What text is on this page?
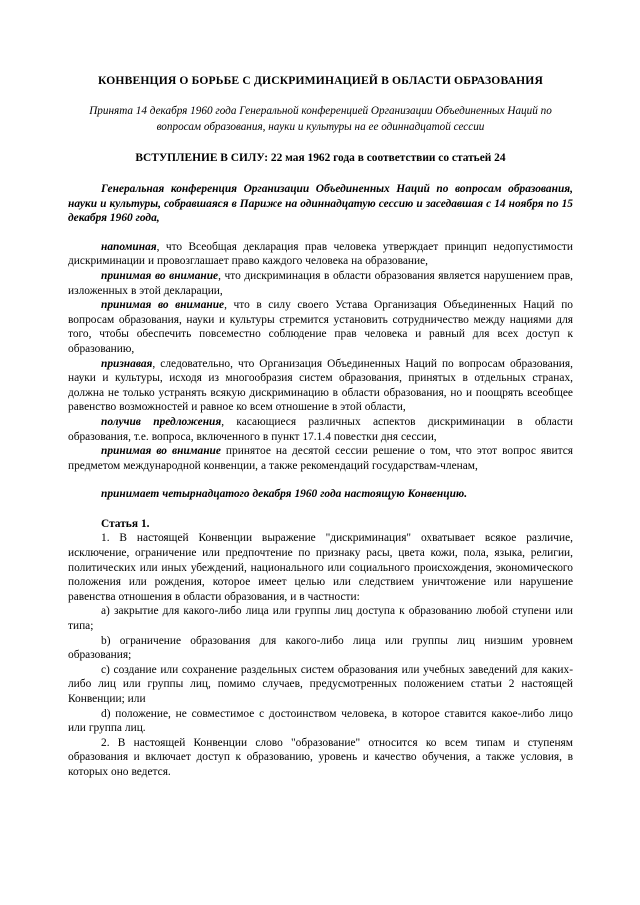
КОНВЕНЦИЯ О БОРЬБЕ С ДИСКРИМИНАЦИЕЙ В ОБЛАСТИ ОБРАЗОВАНИЯ

Принята 14 декабря 1960 года Генеральной конференцией Организации Объединенных Наций по вопросам образования, науки и культуры на ее одиннадцатой сессии

ВСТУПЛЕНИЕ В СИЛУ: 22 мая 1962 года в соответствии со статьей 24

Генеральная конференция Организации Объединенных Наций по вопросам образования, науки и культуры, собравшаяся в Париже на одиннадцатую сессию и заседавшая с 14 ноября по 15 декабря 1960 года,

напоминая, что Всеобщая декларация прав человека утверждает принцип недопустимости дискриминации и провозглашает право каждого человека на образование,

принимая во внимание, что дискриминация в области образования является нарушением прав, изложенных в этой декларации,

принимая во внимание, что в силу своего Устава Организация Объединенных Наций по вопросам образования, науки и культуры стремится установить сотрудничество между нациями для того, чтобы обеспечить повсеместно соблюдение прав человека и равный для всех доступ к образованию,

признавая, следовательно, что Организация Объединенных Наций по вопросам образования, науки и культуры, исходя из многообразия систем образования, принятых в отдельных странах, должна не только устранять всякую дискриминацию в области образования, но и поощрять всеобщее равенство возможностей и равное ко всем отношение в этой области,

получив предложения, касающиеся различных аспектов дискриминации в области образования, т.е. вопроса, включенного в пункт 17.1.4 повестки дня сессии,

принимая во внимание принятое на десятой сессии решение о том, что этот вопрос явится предметом международной конвенции, а также рекомендаций государствам-членам,

принимает четырнадцатого декабря 1960 года настоящую Конвенцию.

Статья 1.

1. В настоящей Конвенции выражение "дискриминация" охватывает всякое различие, исключение, ограничение или предпочтение по признаку расы, цвета кожи, пола, языка, религии, политических или иных убеждений, национального или социального происхождения, экономического положения или рождения, которое имеет целью или следствием уничтожение или нарушение равенства отношения в области образования, и в частности:

a) закрытие для какого-либо лица или группы лиц доступа к образованию любой ступени или типа;

b) ограничение образования для какого-либо лица или группы лиц низшим уровнем образования;

c) создание или сохранение раздельных систем образования или учебных заведений для каких-либо лиц или группы лиц, помимо случаев, предусмотренных положением статьи 2 настоящей Конвенции; или

d) положение, не совместимое с достоинством человека, в которое ставится какое-либо лицо или группа лиц.

2. В настоящей Конвенции слово "образование" относится ко всем типам и ступеням образования и включает доступ к образованию, уровень и качество обучения, а также условия, в которых оно ведется.
